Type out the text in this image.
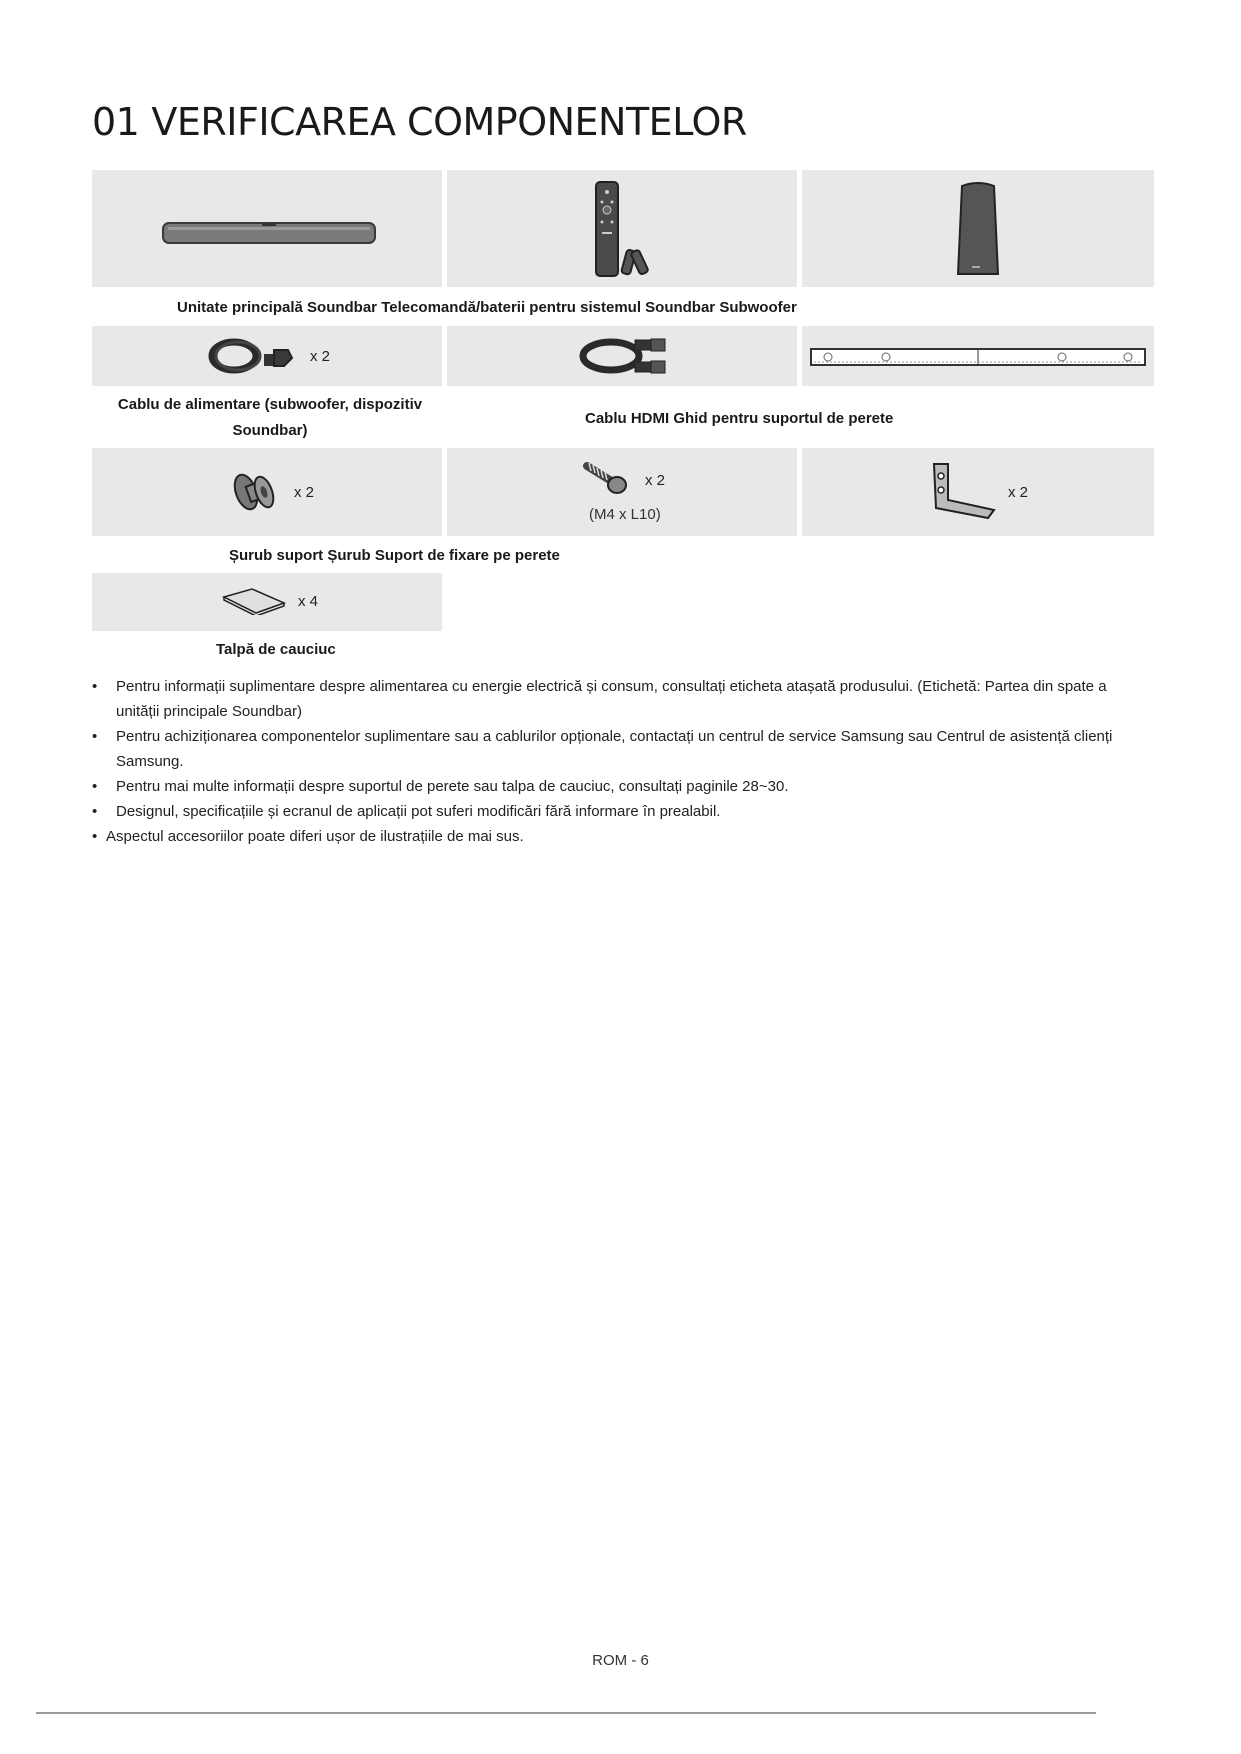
01 VERIFICAREA COMPONENTELOR
Unitate principală Soundbar Telecomandă/baterii pentru sistemul Soundbar Subwoofer
x 2
Cablu de alimentare (subwoofer, dispozitiv Soundbar)
Cablu HDMI Ghid pentru suportul de perete
x 2
x 2
(M4 x L10)
x 2
Șurub suport Șurub Suport de fixare pe perete
x 4
Talpă de cauciuc
• Pentru informații suplimentare despre alimentarea cu energie electrică și consum, consultați eticheta atașată produsului. (Etichetă: Partea din spate a unității principale Soundbar)
• Pentru achiziționarea componentelor suplimentare sau a cablurilor opționale, contactați un centrul de service Samsung sau Centrul de asistență clienți Samsung.
• Pentru mai multe informații despre suportul de perete sau talpa de cauciuc, consultați paginile 28~30.
• Designul, specificațiile și ecranul de aplicații pot suferi modificări fără informare în prealabil.
• Aspectul accesoriilor poate diferi ușor de ilustrațiile de mai sus.
ROM - 6
